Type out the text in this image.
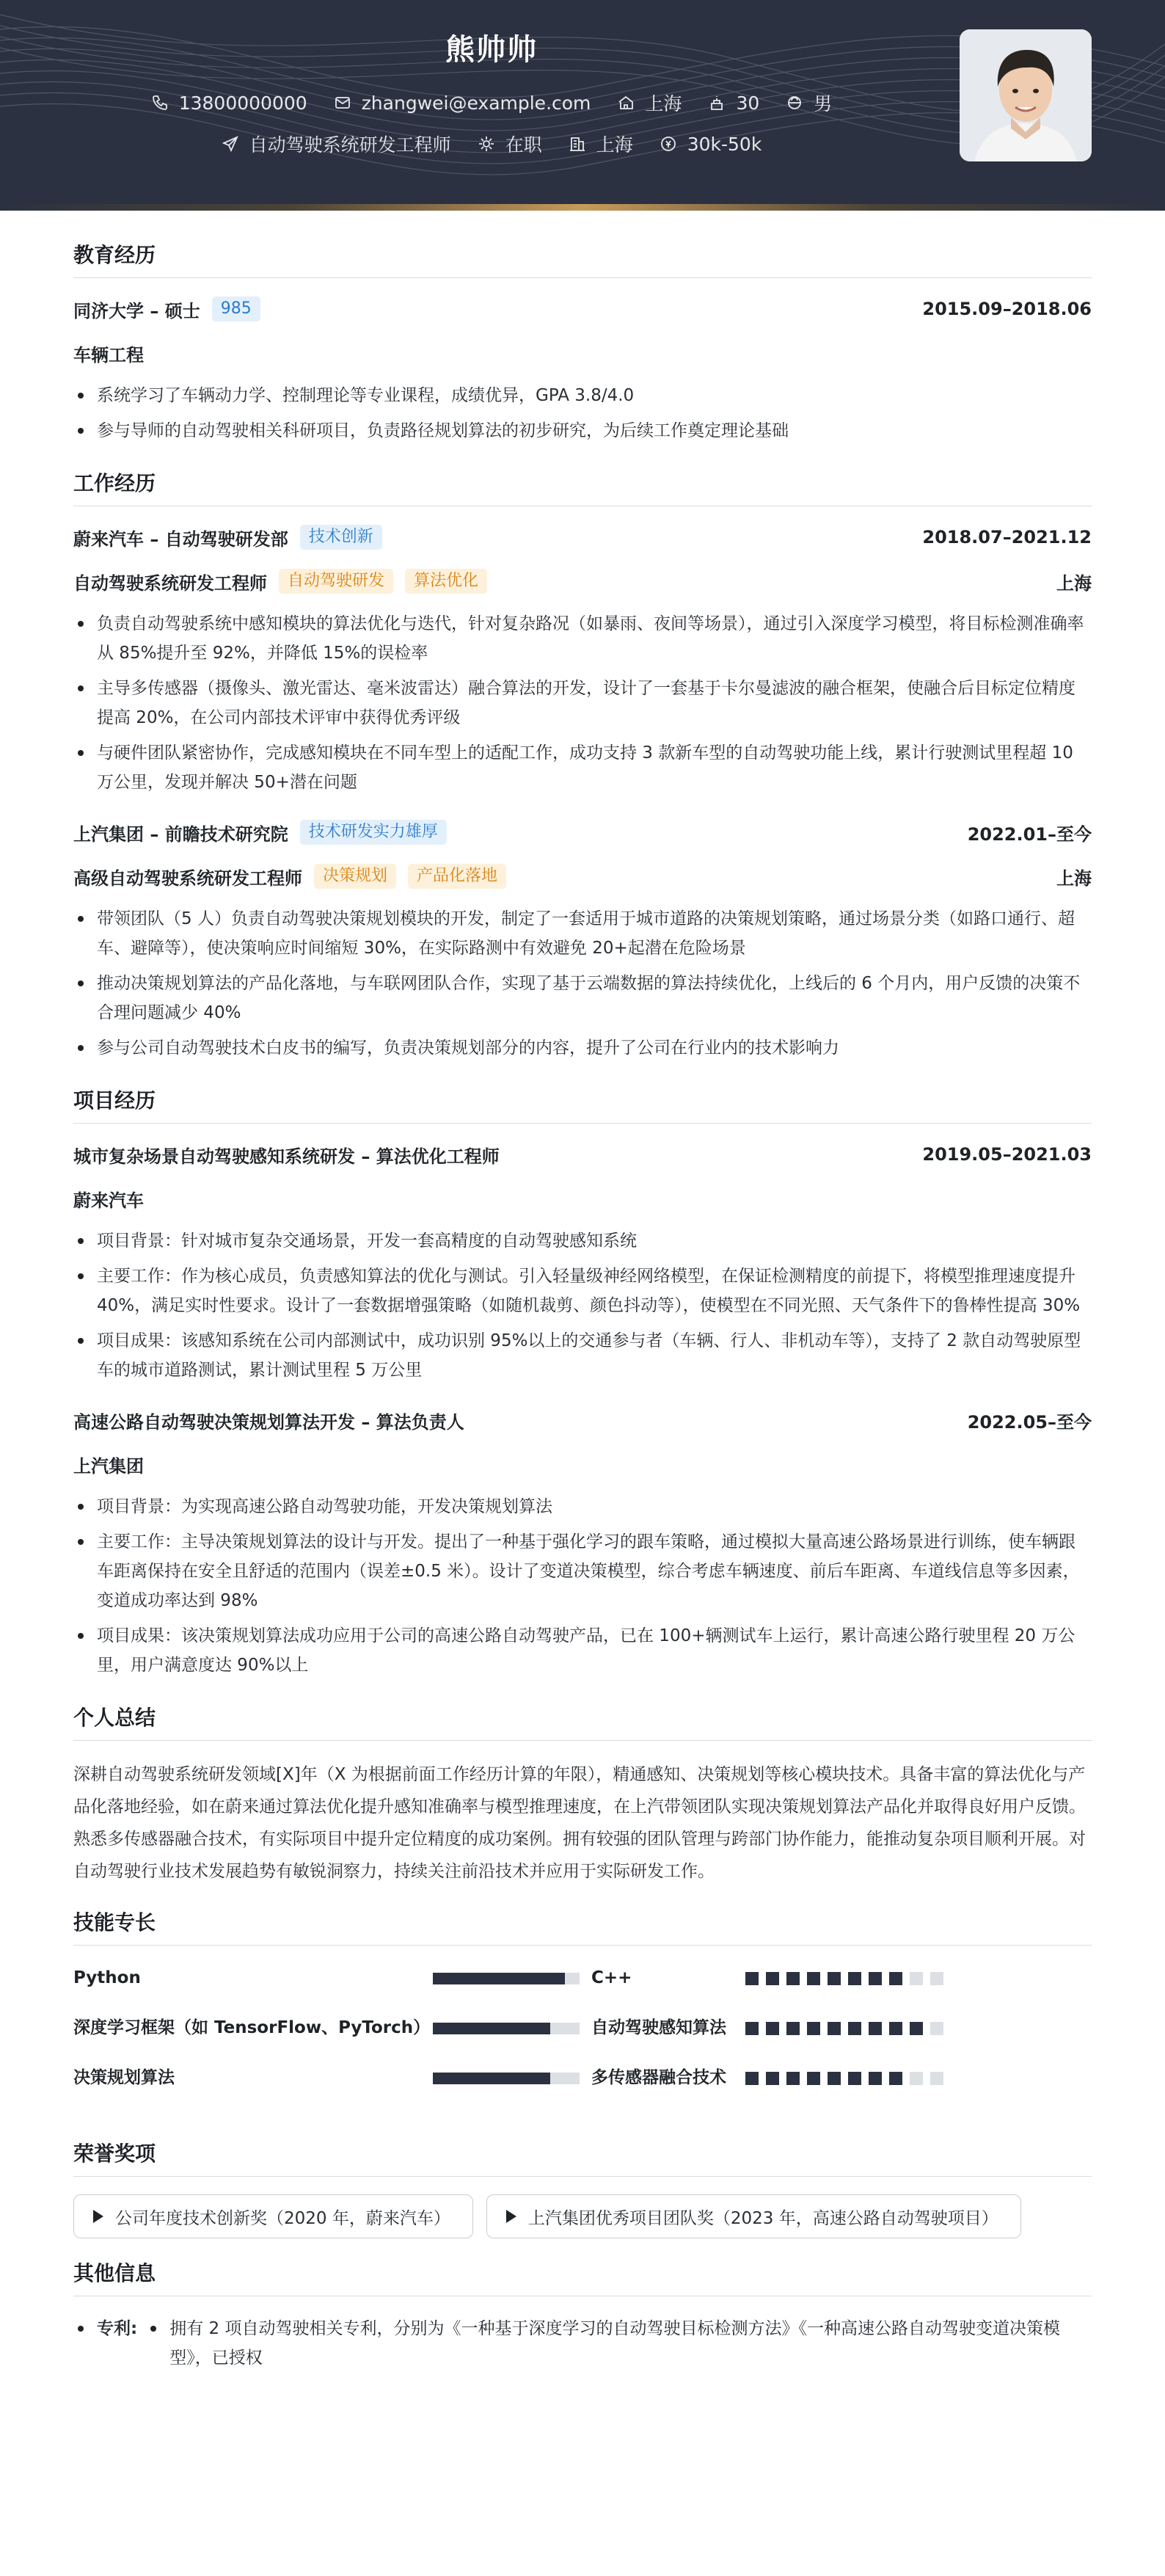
熊帅帅
13800000000	zhangwei@example.com	上海	30	男
自动驾驶系统研发工程师	在职	上海	30k-50k
教育经历
同济大学 – 硕士	985	2015.09–2018.06
车辆工程
系统学习了车辆动力学、控制理论等专业课程，成绩优异，GPA 3.8/4.0
参与导师的自动驾驶相关科研项目，负责路径规划算法的初步研究，为后续工作奠定理论基础
工作经历
蔚来汽车 – 自动驾驶研发部	技术创新	2018.07–2021.12
自动驾驶系统研发工程师	自动驾驶研发	算法优化	上海
负责自动驾驶系统中感知模块的算法优化与迭代，针对复杂路况（如暴雨、夜间等场景），通过引入深度学习模型，将目标检测准确率从 85%提升至 92%，并降低 15%的误检率
主导多传感器（摄像头、激光雷达、毫米波雷达）融合算法的开发，设计了一套基于卡尔曼滤波的融合框架，使融合后目标定位精度提高 20%，在公司内部技术评审中获得优秀评级
与硬件团队紧密协作，完成感知模块在不同车型上的适配工作，成功支持 3 款新车型的自动驾驶功能上线，累计行驶测试里程超 10 万公里，发现并解决 50+潜在问题
上汽集团 – 前瞻技术研究院	技术研发实力雄厚	2022.01–至今
高级自动驾驶系统研发工程师	决策规划	产品化落地	上海
带领团队（5 人）负责自动驾驶决策规划模块的开发，制定了一套适用于城市道路的决策规划策略，通过场景分类（如路口通行、超车、避障等），使决策响应时间缩短 30%，在实际路测中有效避免 20+起潜在危险场景
推动决策规划算法的产品化落地，与车联网团队合作，实现了基于云端数据的算法持续优化，上线后的 6 个月内，用户反馈的决策不合理问题减少 40%
参与公司自动驾驶技术白皮书的编写，负责决策规划部分的内容，提升了公司在行业内的技术影响力
项目经历
城市复杂场景自动驾驶感知系统研发 – 算法优化工程师	2019.05–2021.03
蔚来汽车
项目背景：针对城市复杂交通场景，开发一套高精度的自动驾驶感知系统
主要工作：作为核心成员，负责感知算法的优化与测试。引入轻量级神经网络模型，在保证检测精度的前提下，将模型推理速度提升 40%，满足实时性要求。设计了一套数据增强策略（如随机裁剪、颜色抖动等），使模型在不同光照、天气条件下的鲁棒性提高 30%
项目成果：该感知系统在公司内部测试中，成功识别 95%以上的交通参与者（车辆、行人、非机动车等），支持了 2 款自动驾驶原型车的城市道路测试，累计测试里程 5 万公里
高速公路自动驾驶决策规划算法开发 – 算法负责人	2022.05–至今
上汽集团
项目背景：为实现高速公路自动驾驶功能，开发决策规划算法
主要工作：主导决策规划算法的设计与开发。提出了一种基于强化学习的跟车策略，通过模拟大量高速公路场景进行训练，使车辆跟车距离保持在安全且舒适的范围内（误差±0.5 米）。设计了变道决策模型，综合考虑车辆速度、前后车距离、车道线信息等多因素，变道成功率达到 98%
项目成果：该决策规划算法成功应用于公司的高速公路自动驾驶产品，已在 100+辆测试车上运行，累计高速公路行驶里程 20 万公里，用户满意度达 90%以上
个人总结
深耕自动驾驶系统研发领域[X]年（X 为根据前面工作经历计算的年限），精通感知、决策规划等核心模块技术。具备丰富的算法优化与产品化落地经验，如在蔚来通过算法优化提升感知准确率与模型推理速度，在上汽带领团队实现决策规划算法产品化并取得良好用户反馈。熟悉多传感器融合技术，有实际项目中提升定位精度的成功案例。拥有较强的团队管理与跨部门协作能力，能推动复杂项目顺利开展。对自动驾驶行业技术发展趋势有敏锐洞察力，持续关注前沿技术并应用于实际研发工作。
技能专长
Python	C++
深度学习框架（如 TensorFlow、PyTorch）	自动驾驶感知算法
决策规划算法	多传感器融合技术
荣誉奖项
公司年度技术创新奖（2020 年，蔚来汽车）	上汽集团优秀项目团队奖（2023 年，高速公路自动驾驶项目）
其他信息
专利:	拥有 2 项自动驾驶相关专利，分别为《一种基于深度学习的自动驾驶目标检测方法》《一种高速公路自动驾驶变道决策模型》，已授权
